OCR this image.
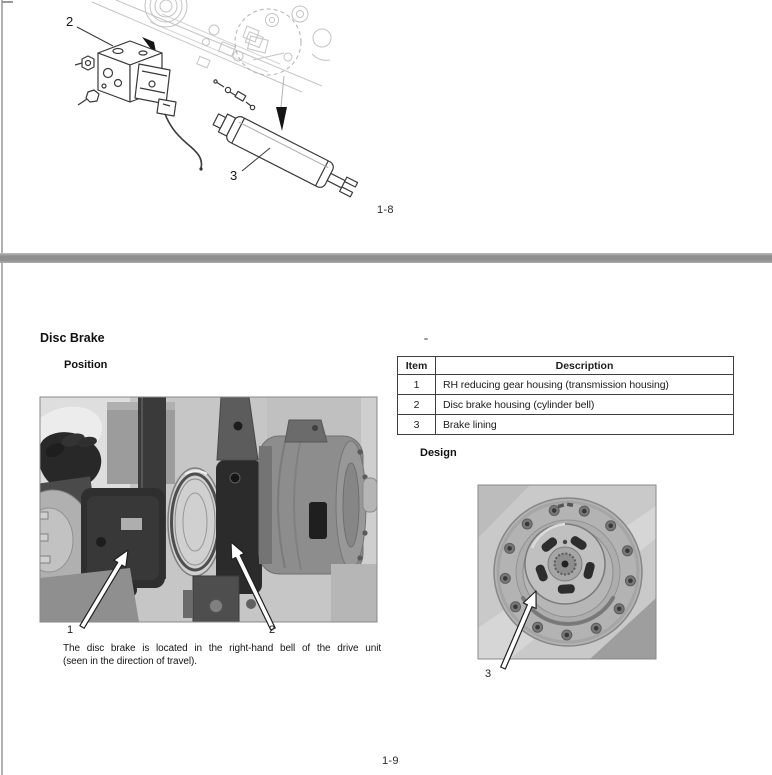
2
3
1-8
Disc Brake
Position
1	2
The disc brake is located in the right-hand bell of the drive unit
(seen in the direction of travel).
Item	Description
1	RH reducing gear housing (transmission housing)
2	Disc brake housing (cylinder bell)
3	Brake lining
Design
3
1-9
